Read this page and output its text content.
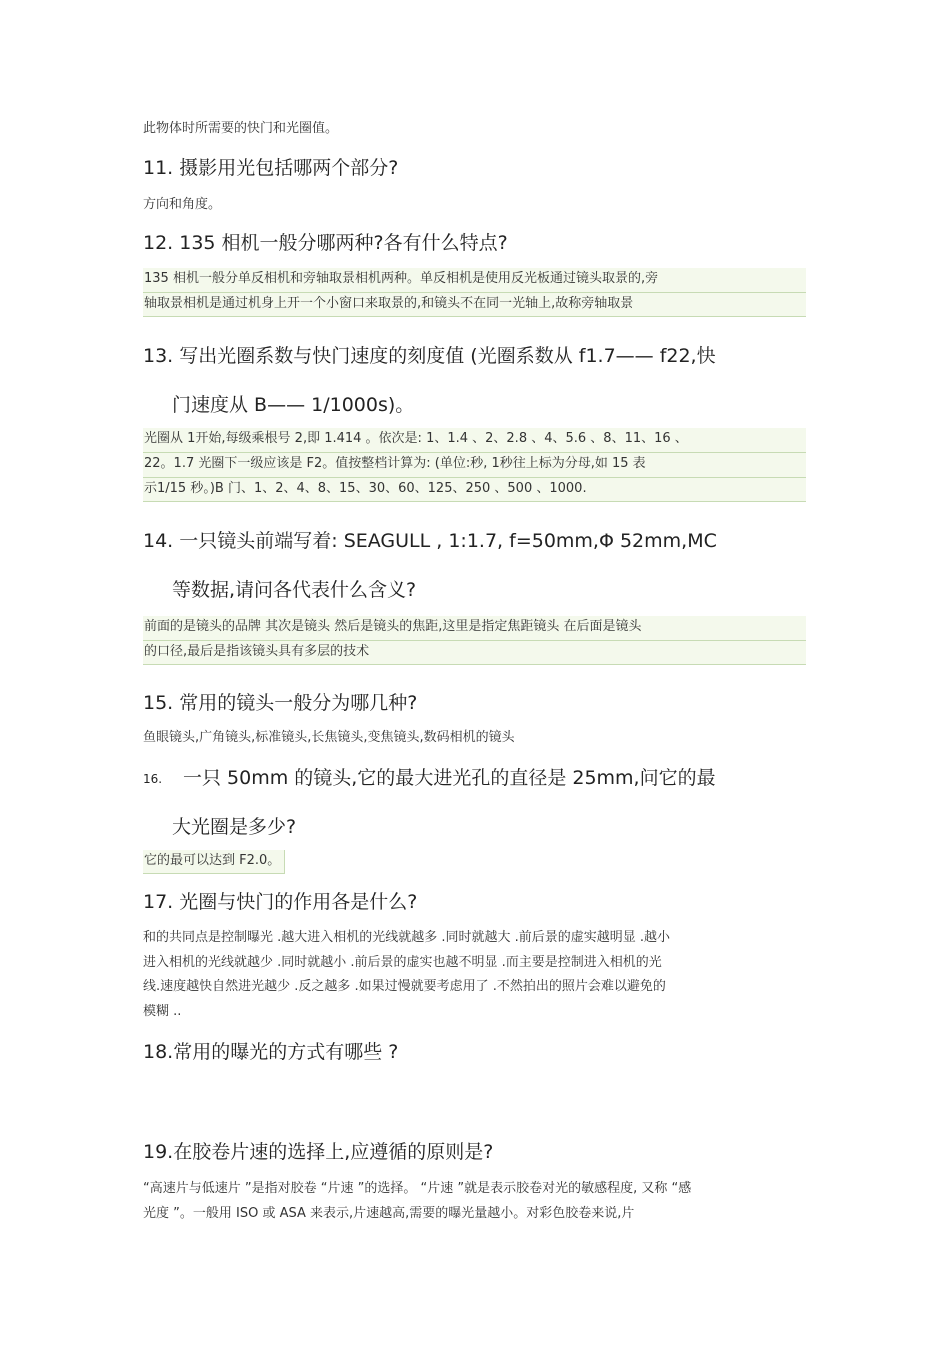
此物体时所需要的快门和光圈值。
11. 摄影用光包括哪两个部分?
方向和角度。
12. 135 相机一般分哪两种?各有什么特点?
135 相机一般分单反相机和旁轴取景相机两种。单反相机是使用反光板通过镜头取景的,旁
轴取景相机是通过机身上开一个小窗口来取景的,和镜头不在同一光轴上,故称旁轴取景
13. 写出光圈系数与快门速度的刻度值 (光圈系数从 f1.7—— f22,快
门速度从 B—— 1/1000s)。
光圈从 1开始,每级乘根号 2,即 1.414 。依次是: 1、1.4 、2、2.8 、4、5.6 、8、11、16 、
22。1.7 光圈下一级应该是 F2。值按整档计算为: (单位:秒, 1秒往上标为分母,如 15 表
示1/15 秒。)B 门、1、2、4、8、15、30、60、125、250 、500 、1000.
14. 一只镜头前端写着: SEAGULL , 1:1.7, f=50mm,Φ 52mm,MC
等数据,请问各代表什么含义?
前面的是镜头的品牌 其次是镜头 然后是镜头的焦距,这里是指定焦距镜头 在后面是镜头
的口径,最后是指该镜头具有多层的技术
15. 常用的镜头一般分为哪几种?
鱼眼镜头,广角镜头,标准镜头,长焦镜头,变焦镜头,数码相机的镜头
16. 一只 50mm 的镜头,它的最大进光孔的直径是 25mm,问它的最
大光圈是多少?
它的最可以达到 F2.0。
17. 光圈与快门的作用各是什么?
和的共同点是控制曝光 .越大进入相机的光线就越多 .同时就越大 .前后景的虚实越明显 .越小
进入相机的光线就越少 .同时就越小 .前后景的虚实也越不明显 .而主要是控制进入相机的光
线.速度越快自然进光越少 .反之越多 .如果过慢就要考虑用了 .不然拍出的照片会难以避免的
模糊 ..
18.常用的曝光的方式有哪些 ?
19.在胶卷片速的选择上,应遵循的原则是?
“高速片与低速片 ”是指对胶卷 “片速 ”的选择。 “片速 ”就是表示胶卷对光的敏感程度, 又称 “感
光度 ”。一般用 ISO 或 ASA 来表示,片速越高,需要的曝光量越小。对彩色胶卷来说,片
